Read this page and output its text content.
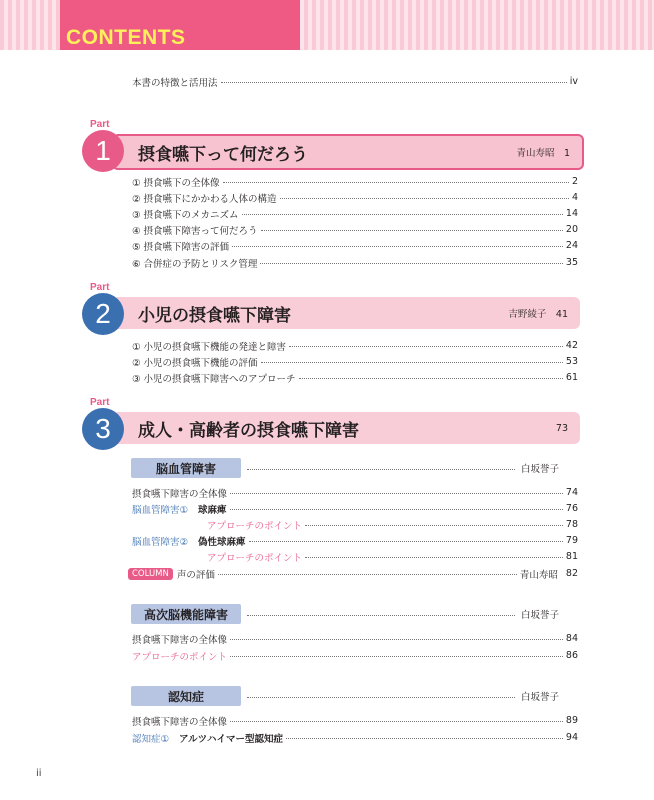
CONTENTS
本書の特徴と活用法	iv
Part
摂食嚥下って何だろう	青山寿昭　1
1
① 摂食嚥下の全体像	2
② 摂食嚥下にかかわる人体の構造	4
③ 摂食嚥下のメカニズム	14
④ 摂食嚥下障害って何だろう	20
⑤ 摂食嚥下障害の評価	24
⑥ 合併症の予防とリスク管理	35
Part
小児の摂食嚥下障害	吉野綾子　41
2
① 小児の摂食嚥下機能の発達と障害	42
② 小児の摂食嚥下機能の評価	53
③ 小児の摂食嚥下障害へのアプローチ	61
Part
成人・高齢者の摂食嚥下障害	73
3
脳血管障害	白坂誉子
摂食嚥下障害の全体像	74
脳血管障害① 球麻痺	76
アプローチのポイント	78
脳血管障害② 偽性球麻痺	79
アプローチのポイント	81
COLUMN 声の評価	青山寿昭 82
高次脳機能障害	白坂誉子
摂食嚥下障害の全体像	84
アプローチのポイント	86
認知症	白坂誉子
摂食嚥下障害の全体像	89
認知症① アルツハイマー型認知症	94
ii
